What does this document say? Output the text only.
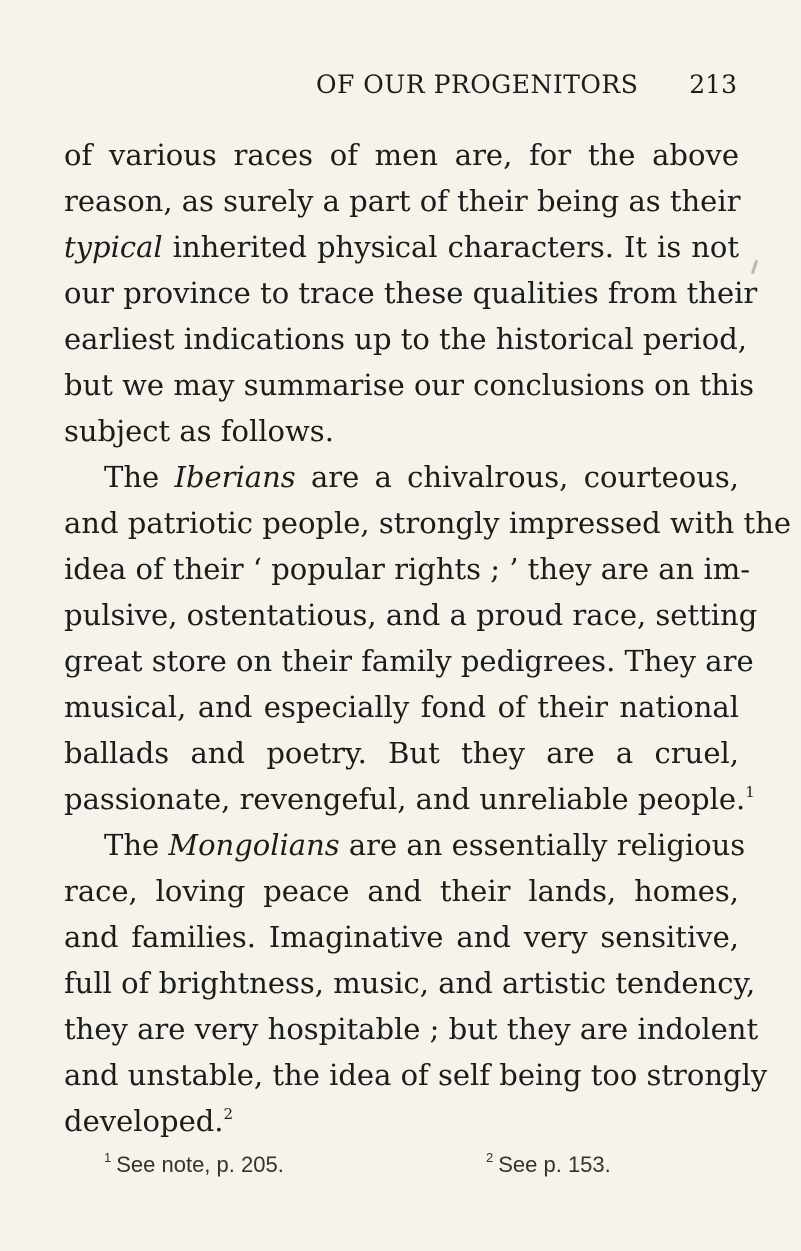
OF OUR PROGENITORS 213
of various races of men are, for the above
reason, as surely a part of their being as their
typical inherited physical characters. It is not
our province to trace these qualities from their
earliest indications up to the historical period,
but we may summarise our conclusions on this
subject as follows.
The Iberians are a chivalrous, courteous,
and patriotic people, strongly impressed with the
idea of their ‘ popular rights ; ’ they are an im-
pulsive, ostentatious, and a proud race, setting
great store on their family pedigrees. They are
musical, and especially fond of their national
ballads and poetry. But they are a cruel,
passionate, revengeful, and unreliable people.$^1$
The Mongolians are an essentially religious
race, loving peace and their lands, homes,
and families. Imaginative and very sensitive,
full of brightness, music, and artistic tendency,
they are very hospitable ; but they are indolent
and unstable, the idea of self being too strongly
developed.$^2$
$^1$ See note, p. 205.	$^2$ See p. 153.
